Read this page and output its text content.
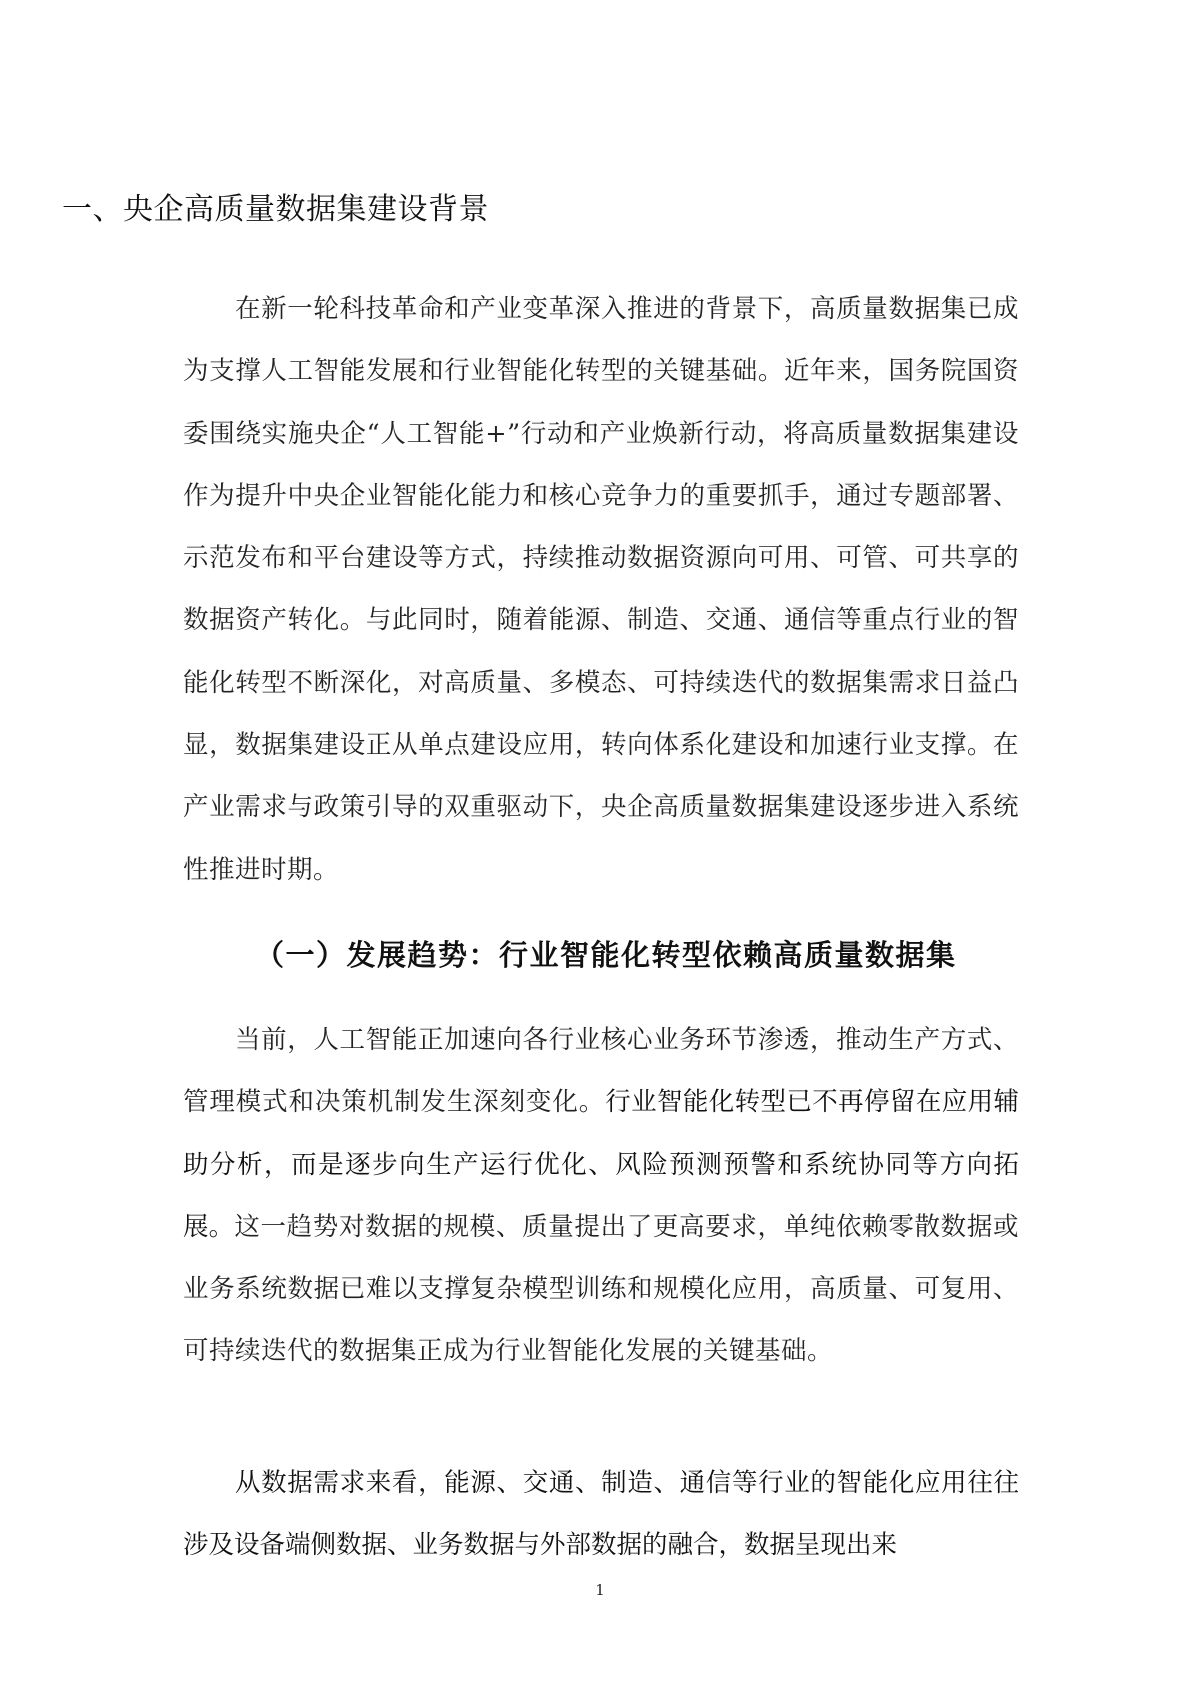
一、央企高质量数据集建设背景

在新一轮科技革命和产业变革深入推进的背景下，高质量数据集已成为支撑人工智能发展和行业智能化转型的关键基础。近年来，国务院国资委围绕实施央企“人工智能+”行动和产业焕新行动，将高质量数据集建设作为提升中央企业智能化能力和核心竞争力的重要抓手，通过专题部署、示范发布和平台建设等方式，持续推动数据资源向可用、可管、可共享的数据资产转化。与此同时，随着能源、制造、交通、通信等重点行业的智能化转型不断深化，对高质量、多模态、可持续迭代的数据集需求日益凸显，数据集建设正从单点建设应用，转向体系化建设和加速行业支撑。在产业需求与政策引导的双重驱动下，央企高质量数据集建设逐步进入系统性推进时期。

（一）发展趋势：行业智能化转型依赖高质量数据集

当前，人工智能正加速向各行业核心业务环节渗透，推动生产方式、管理模式和决策机制发生深刻变化。行业智能化转型已不再停留在应用辅助分析，而是逐步向生产运行优化、风险预测预警和系统协同等方向拓展。这一趋势对数据的规模、质量提出了更高要求，单纯依赖零散数据或业务系统数据已难以支撑复杂模型训练和规模化应用，高质量、可复用、可持续迭代的数据集正成为行业智能化发展的关键基础。

从数据需求来看，能源、交通、制造、通信等行业的智能化应用往往涉及设备端侧数据、业务数据与外部数据的融合，数据呈现出来

1
